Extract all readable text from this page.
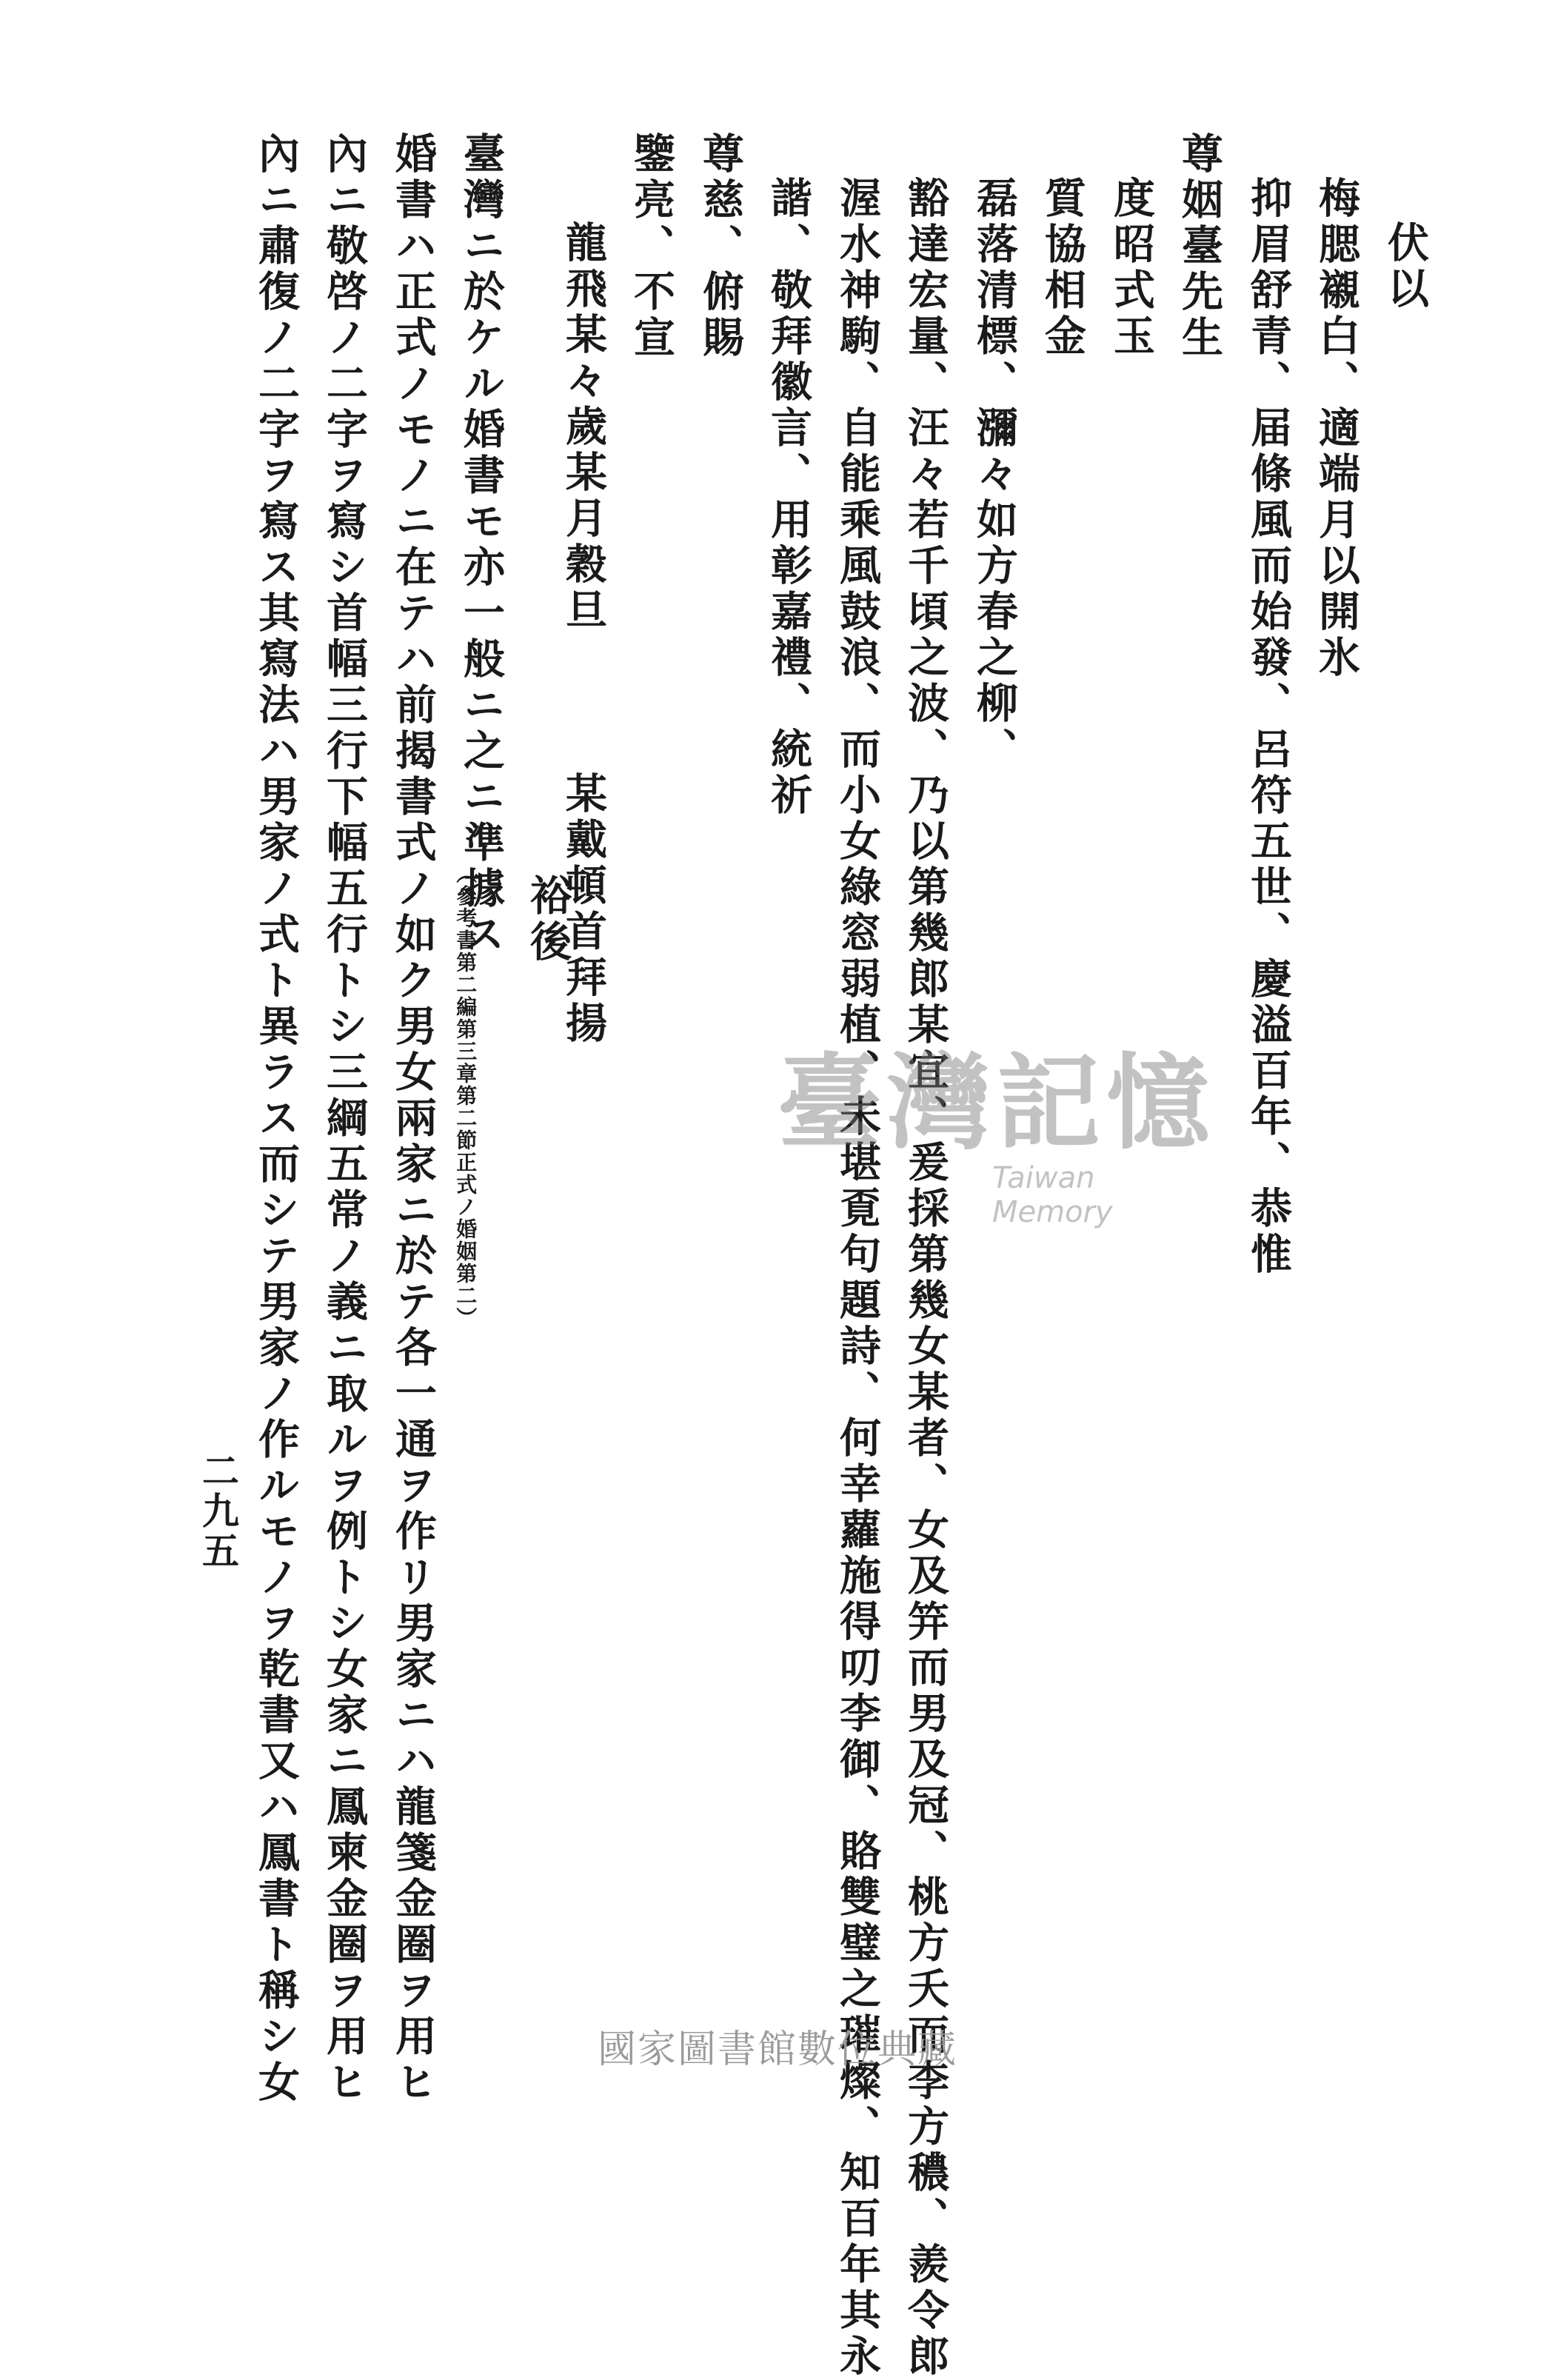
伏以
梅腮襯白、適端月以開氷
抑眉舒青、届條風而始發、呂符五世、慶溢百年、恭惟
尊姻臺先生
度昭式玉
質協相金
磊落清標、瀰々如方春之柳、
豁達宏量、汪々若千頃之波、乃以第幾郎某宜、爰採第幾女某者、女及笄而男及冠、桃方夭而李方穠、羨令郎
渥水神駒、自能乘風鼓浪、而小女綠窓弱植、未堪覔句題詩、何幸蘿施得叨李御、賂雙璧之璀燦、知百年其永
諧、敬拜徽言、用彰嘉禮、統祈
尊慈、俯賜
鑒亮、不宣
龍飛某々歲某月穀旦　　　某戴頓首拜揚
裕後
臺灣ニ於ケル婚書モ亦一般ニ之ニ準據ス
（參考書第二編第三章第二節正式ノ婚姻第二）
婚書ハ正式ノモノニ在テハ前揭書式ノ如ク男女兩家ニ於テ各一通ヲ作リ男家ニハ龍箋金圈ヲ用ヒ
內ニ敬啓ノ二字ヲ寫シ首幅三行下幅五行トシ三綱五常ノ義ニ取ルヲ例トシ女家ニ鳳柬金圈ヲ用ヒ
內ニ肅復ノ二字ヲ寫ス其寫法ハ男家ノ式ト異ラス而シテ男家ノ作ルモノヲ乾書又ハ鳳書ト稱シ女
二九五
臺灣記憶
Taiwan Memory
國家圖書館數位典藏
